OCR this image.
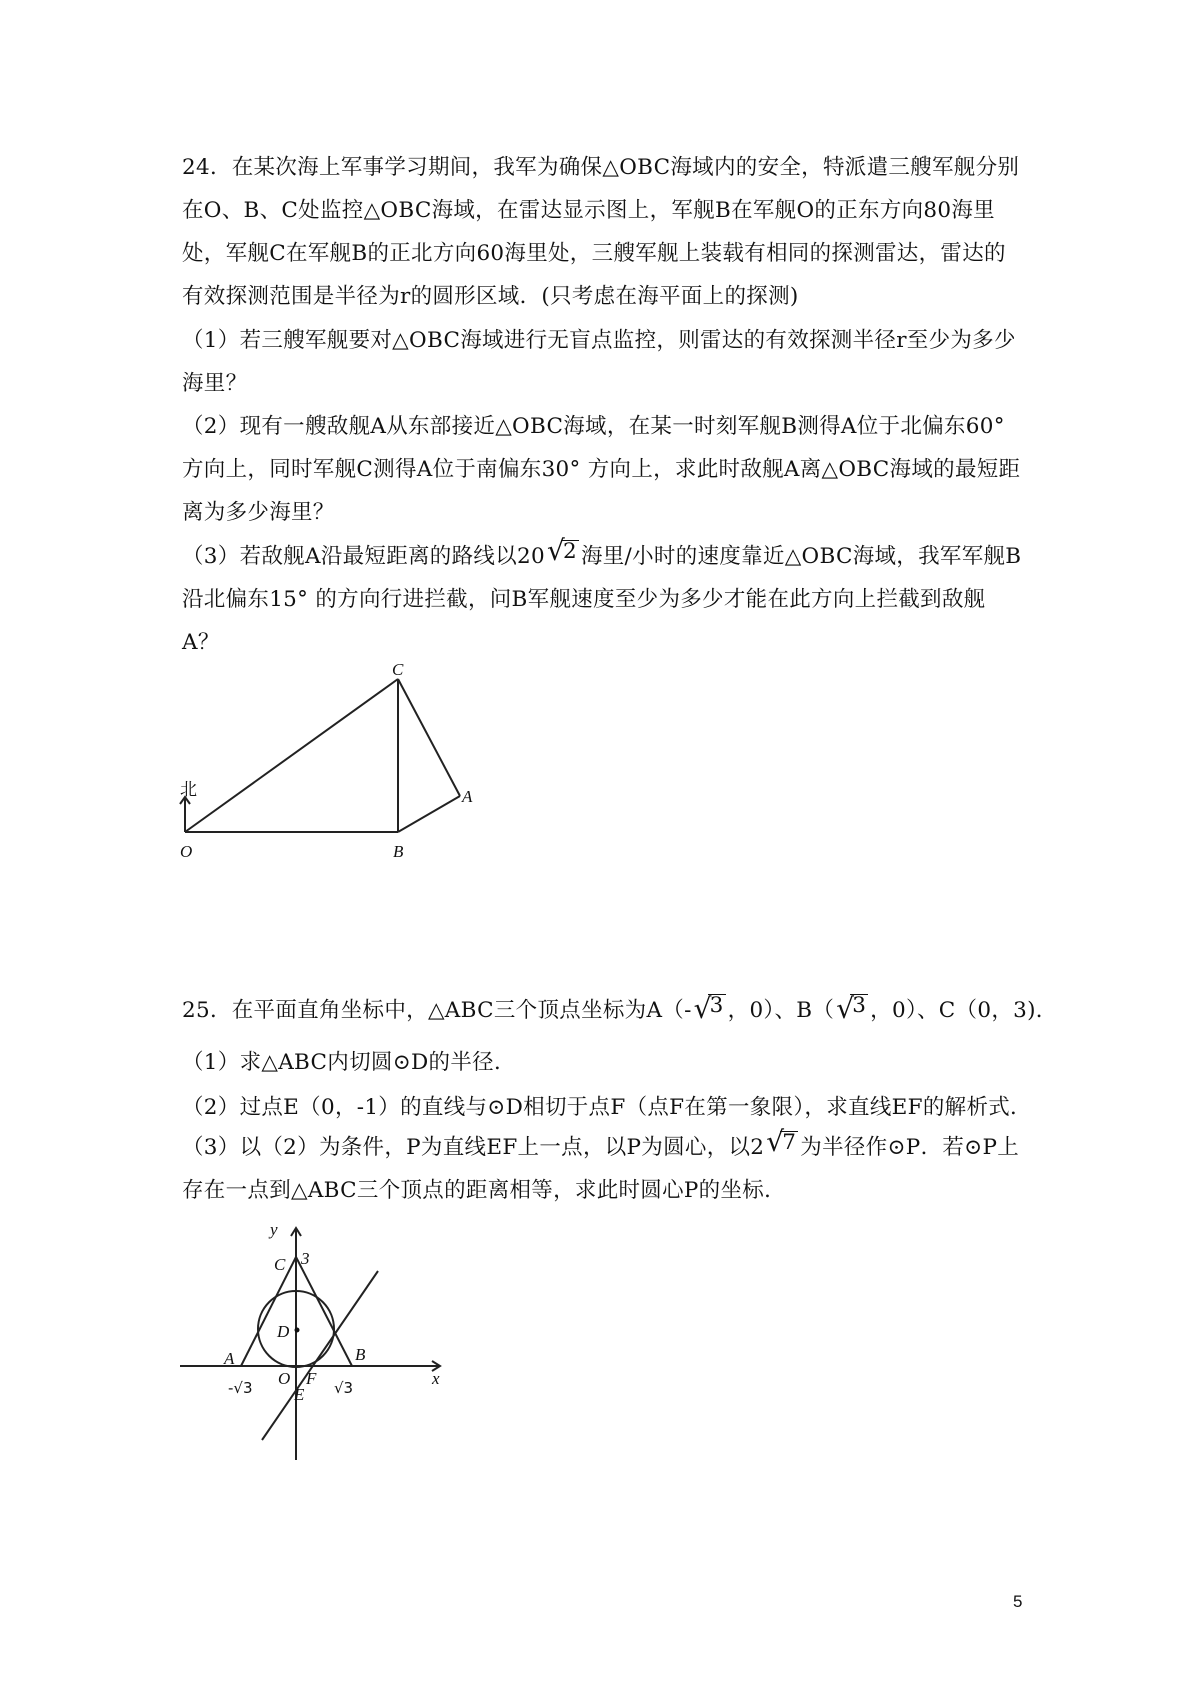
24．在某次海上军事学习期间，我军为确保△OBC海域内的安全，特派遣三艘军舰分别在O、B、C处监控△OBC海域，在雷达显示图上，军舰B在军舰O的正东方向80海里处，军舰C在军舰B的正北方向60海里处，三艘军舰上装载有相同的探测雷达，雷达的有效探测范围是半径为r的圆形区域．(只考虑在海平面上的探测)
（1）若三艘军舰要对△OBC海域进行无盲点监控，则雷达的有效探测半径r至少为多少海里？
（2）现有一艘敌舰A从东部接近△OBC海域，在某一时刻军舰B测得A位于北偏东60° 方向上，同时军舰C测得A位于南偏东30° 方向上，求此时敌舰A离△OBC海域的最短距离为多少海里？
（3）若敌舰A沿最短距离的路线以20 √
2 海里/小时的速度靠近△OBC海域，我军军舰B沿北偏东15° 的方向行进拦截，问B军舰速度至少为多少才能在此方向上拦截到敌舰A？
C
A
B
O
北
25．在平面直角坐标中，△ABC三个顶点坐标为A（- √
3 ，0）、B（ √
3 ，0）、C（0，3)．
（1）求△ABC内切圆⊙D的半径．
（2）过点E（0，-1）的直线与⊙D相切于点F（点F在第一象限），求直线EF的解析式．
（3）以（2）为条件，P为直线EF上一点，以P为圆心，以2 √
7 为半径作⊙P．若⊙P上存在一点到△ABC三个顶点的距离相等，求此时圆心P的坐标．
y
x
C 3
D
A	B
O F
E
-√3	√3
5
